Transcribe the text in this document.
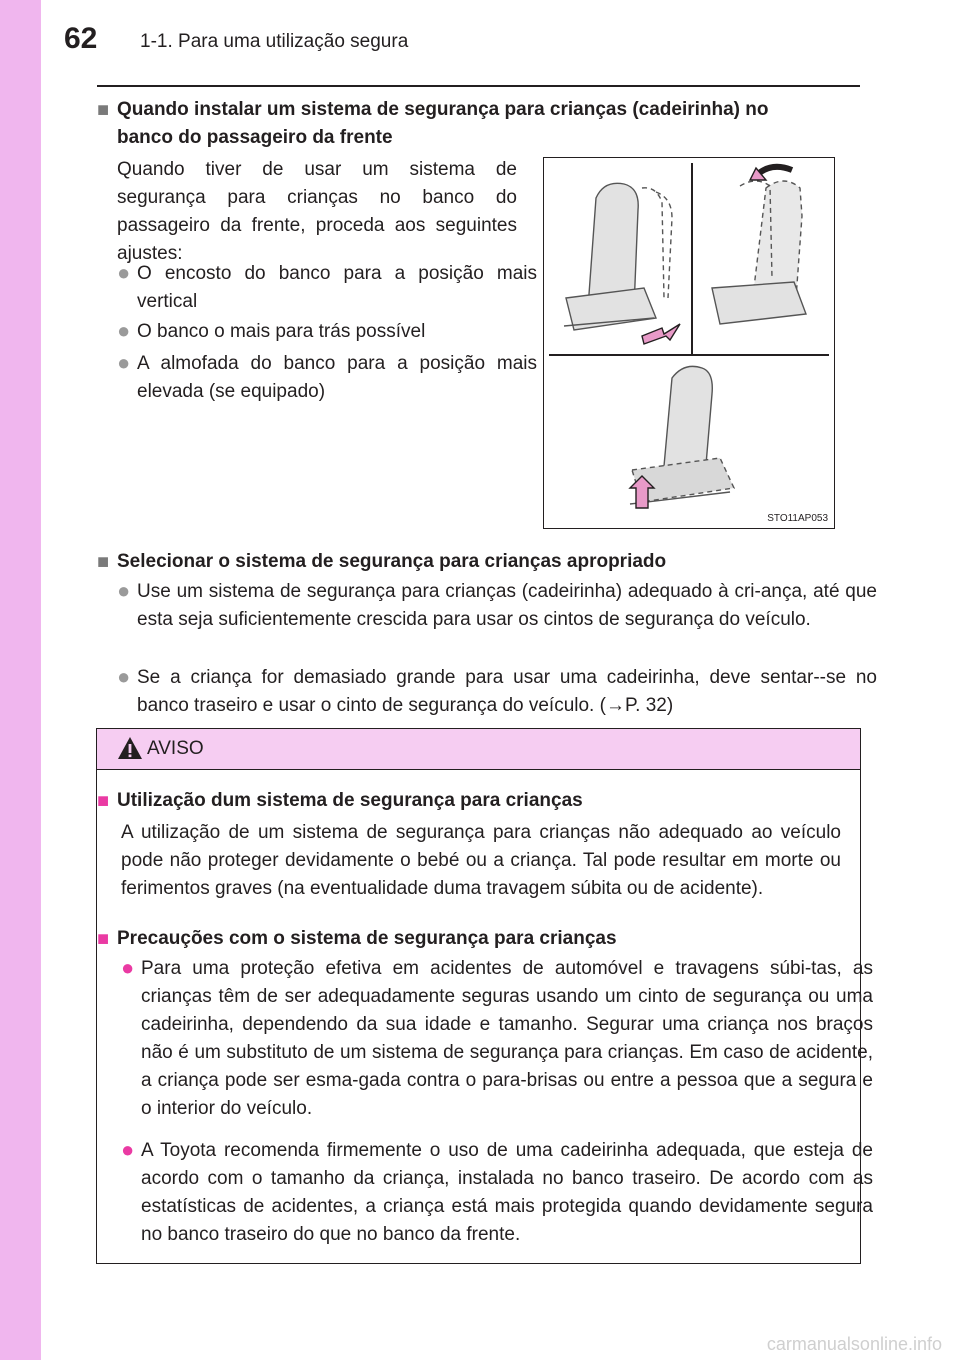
62 1-1. Para uma utilização segura
■ Quando instalar um sistema de segurança para crianças (cadeirinha) no
banco do passageiro da frente
Quando tiver de usar um sistema de segurança para crianças no banco do passageiro da frente, proceda aos seguintes ajustes:
● O encosto do banco para a posição mais vertical
● O banco o mais para trás possível
● A almofada do banco para a posição mais elevada (se equipado)
STO11AP053
■ Selecionar o sistema de segurança para crianças apropriado
● Use um sistema de segurança para crianças (cadeirinha) adequado à cri-ança, até que esta seja suficientemente crescida para usar os cintos de segurança do veículo.
● Se a criança for demasiado grande para usar uma cadeirinha, deve sentar--se no banco traseiro e usar o cinto de segurança do veículo. (→P. 32)
AVISO
■ Utilização dum sistema de segurança para crianças
A utilização de um sistema de segurança para crianças não adequado ao veículo pode não proteger devidamente o bebé ou a criança. Tal pode resultar em morte ou ferimentos graves (na eventualidade duma travagem súbita ou de acidente).
■ Precauções com o sistema de segurança para crianças
● Para uma proteção efetiva em acidentes de automóvel e travagens súbi-tas, as crianças têm de ser adequadamente seguras usando um cinto de segurança ou uma cadeirinha, dependendo da sua idade e tamanho. Segurar uma criança nos braços não é um substituto de um sistema de segurança para crianças. Em caso de acidente, a criança pode ser esma-gada contra o para-brisas ou entre a pessoa que a segura e o interior do veículo.
● A Toyota recomenda firmemente o uso de uma cadeirinha adequada, que esteja de acordo com o tamanho da criança, instalada no banco traseiro. De acordo com as estatísticas de acidentes, a criança está mais protegida quando devidamente segura no banco traseiro do que no banco da frente.
carmanualsonline.info
